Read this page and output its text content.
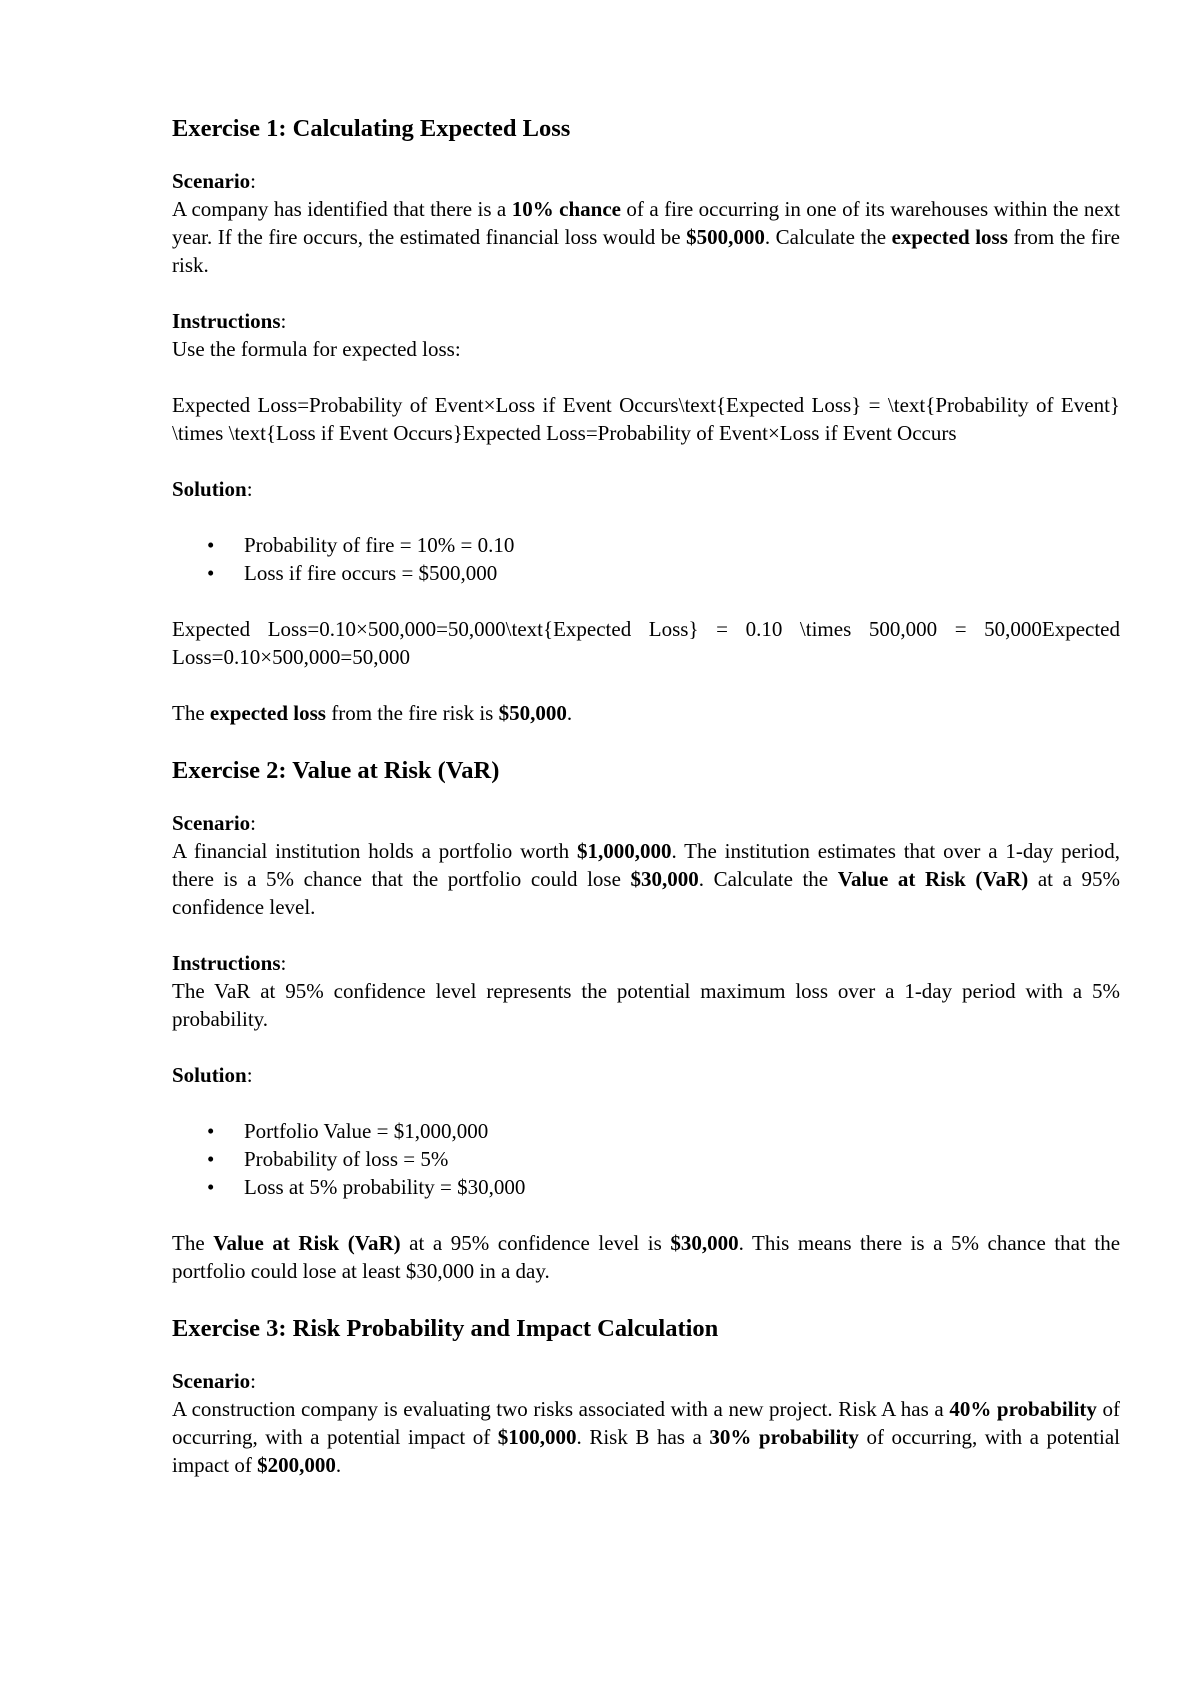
Exercise 1: Calculating Expected Loss

Scenario:
A company has identified that there is a 10% chance of a fire occurring in one of its warehouses within the next year. If the fire occurs, the estimated financial loss would be $500,000. Calculate the expected loss from the fire risk.

Instructions:
Use the formula for expected loss:

Expected Loss=Probability of Event×Loss if Event Occurs\text{Expected Loss} = \text{Probability of Event} \times \text{Loss if Event Occurs}Expected Loss=Probability of Event×Loss if Event Occurs

Solution:

• Probability of fire = 10% = 0.10
• Loss if fire occurs = $500,000

Expected Loss=0.10×500,000=50,000\text{Expected Loss} = 0.10 \times 500,000 = 50,000Expected Loss=0.10×500,000=50,000

The expected loss from the fire risk is $50,000.

Exercise 2: Value at Risk (VaR)

Scenario:
A financial institution holds a portfolio worth $1,000,000. The institution estimates that over a 1-day period, there is a 5% chance that the portfolio could lose $30,000. Calculate the Value at Risk (VaR) at a 95% confidence level.

Instructions:
The VaR at 95% confidence level represents the potential maximum loss over a 1-day period with a 5% probability.

Solution:

• Portfolio Value = $1,000,000
• Probability of loss = 5%
• Loss at 5% probability = $30,000

The Value at Risk (VaR) at a 95% confidence level is $30,000. This means there is a 5% chance that the portfolio could lose at least $30,000 in a day.

Exercise 3: Risk Probability and Impact Calculation

Scenario:
A construction company is evaluating two risks associated with a new project. Risk A has a 40% probability of occurring, with a potential impact of $100,000. Risk B has a 30% probability of occurring, with a potential impact of $200,000.
